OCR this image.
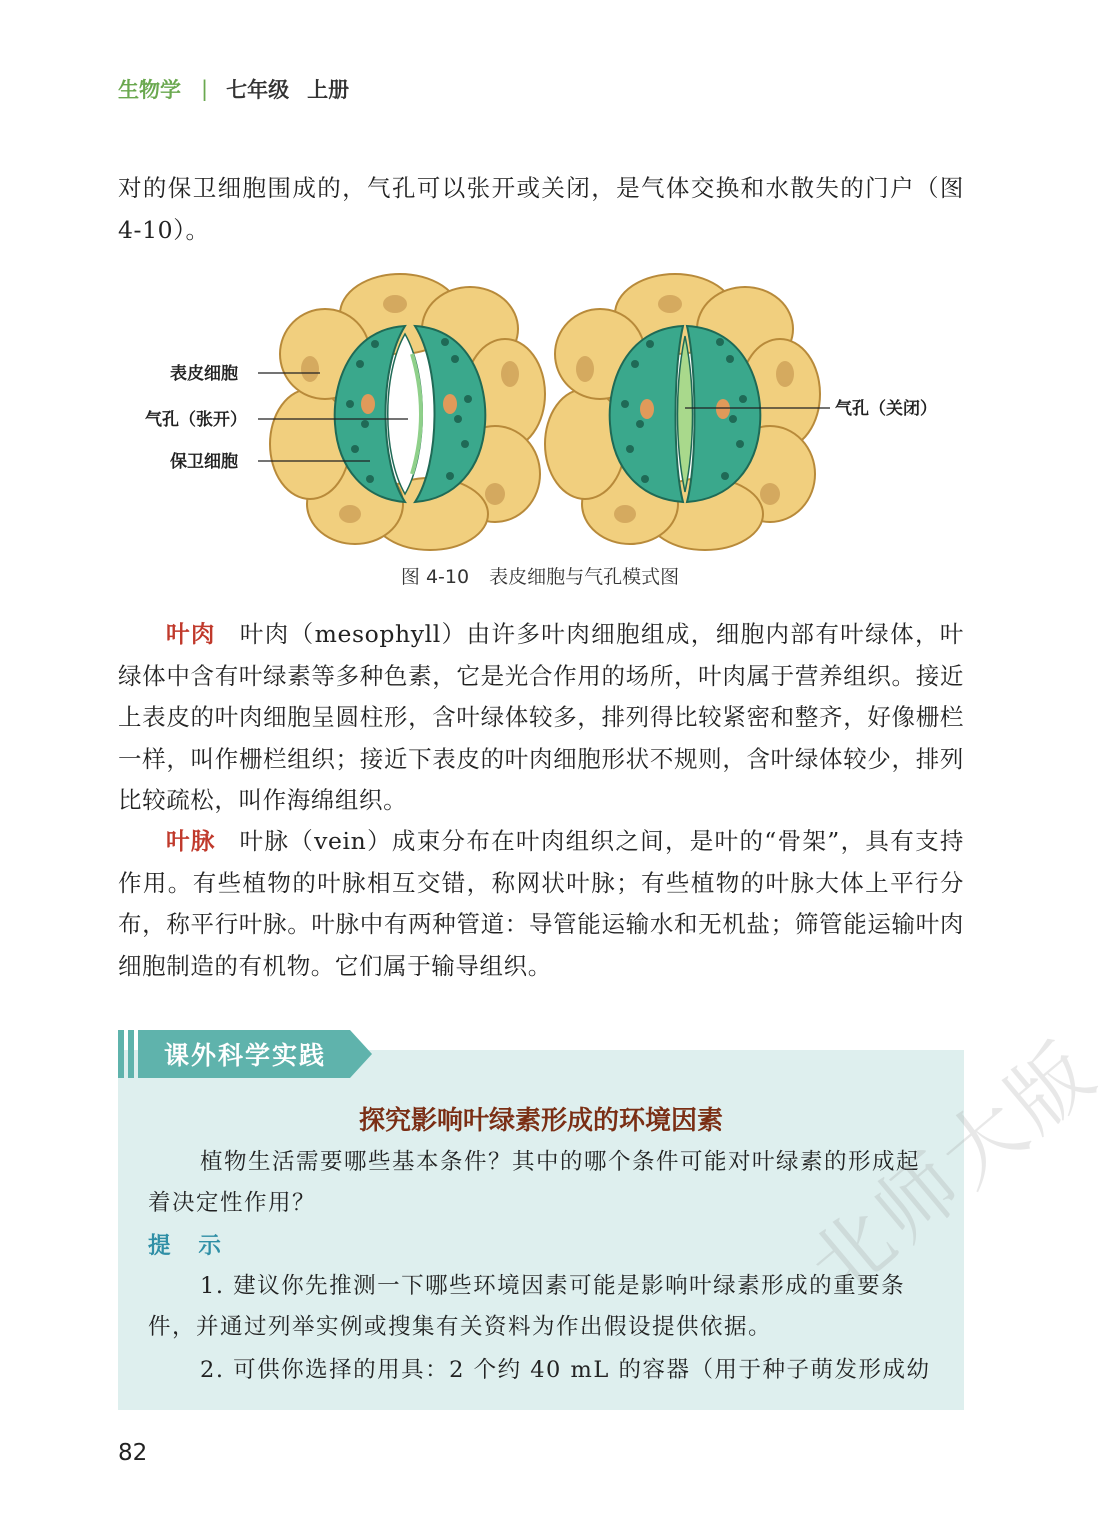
生物学 | 七年级 上册
对的保卫细胞围成的，气孔可以张开或关闭，是气体交换和水散失的门户（图 4-10）。
表皮细胞
气孔（张开）
保卫细胞
气孔（关闭）
图 4-10 表皮细胞与气孔模式图
叶肉 叶肉（mesophyll）由许多叶肉细胞组成，细胞内部有叶绿体，叶绿体中含有叶绿素等多种色素，它是光合作用的场所，叶肉属于营养组织。接近上表皮的叶肉细胞呈圆柱形，含叶绿体较多，排列得比较紧密和整齐，好像栅栏一样，叫作栅栏组织；接近下表皮的叶肉细胞形状不规则，含叶绿体较少，排列比较疏松，叫作海绵组织。
叶脉 叶脉（vein）成束分布在叶肉组织之间，是叶的“骨架”，具有支持作用。有些植物的叶脉相互交错，称网状叶脉；有些植物的叶脉大体上平行分布，称平行叶脉。叶脉中有两种管道：导管能运输水和无机盐；筛管能运输叶肉细胞制造的有机物。它们属于输导组织。
课外科学实践
探究影响叶绿素形成的环境因素
植物生活需要哪些基本条件？其中的哪个条件可能对叶绿素的形成起着决定性作用？
提 示
1. 建议你先推测一下哪些环境因素可能是影响叶绿素形成的重要条件，并通过列举实例或搜集有关资料为作出假设提供依据。
2. 可供你选择的用具：2 个约 40 mL 的容器（用于种子萌发形成幼
82
北师大版
